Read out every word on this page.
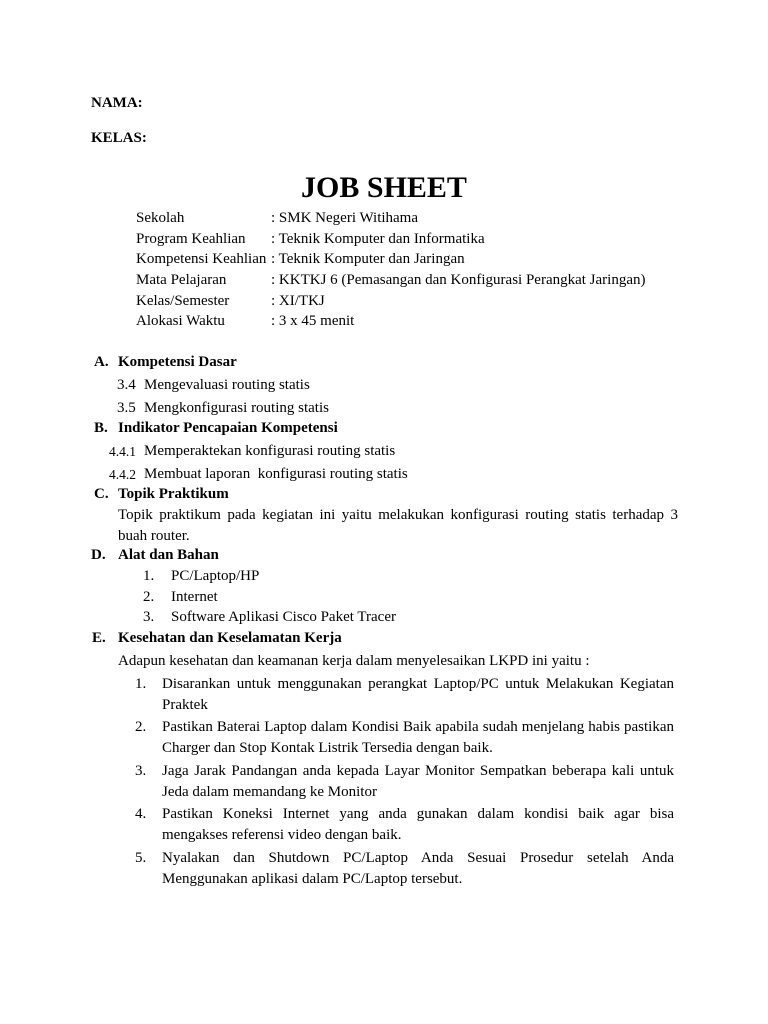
NAMA:
KELAS:
JOB SHEET
Sekolah	: SMK Negeri Witihama
Program Keahlian : Teknik Komputer dan Informatika
Kompetensi Keahlian : Teknik Komputer dan Jaringan
Mata Pelajaran	: KKTKJ 6 (Pemasangan dan Konfigurasi Perangkat Jaringan)
Kelas/Semester	: XI/TKJ
Alokasi Waktu	: 3 x 45 menit
A. Kompetensi Dasar
3.4 Mengevaluasi routing statis
3.5 Mengkonfigurasi routing statis
B. Indikator Pencapaian Kompetensi
4.4.1 Memperaktekan konfigurasi routing statis
4.4.2 Membuat laporan  konfigurasi routing statis
C. Topik Praktikum
Topik praktikum pada kegiatan ini yaitu melakukan konfigurasi routing statis terhadap 3
buah router.
D. Alat dan Bahan
1. PC/Laptop/HP
2. Internet
3. Software Aplikasi Cisco Paket Tracer
E. Kesehatan dan Keselamatan Kerja
Adapun kesehatan dan keamanan kerja dalam menyelesaikan LKPD ini yaitu :
1. Disarankan untuk menggunakan perangkat Laptop/PC untuk Melakukan Kegiatan
Praktek
2. Pastikan Baterai Laptop dalam Kondisi Baik apabila sudah menjelang habis pastikan
Charger dan Stop Kontak Listrik Tersedia dengan baik.
3. Jaga Jarak Pandangan anda kepada Layar Monitor Sempatkan beberapa kali untuk
Jeda dalam memandang ke Monitor
4. Pastikan Koneksi Internet yang anda gunakan dalam kondisi baik agar bisa
mengakses referensi video dengan baik.
5. Nyalakan dan Shutdown PC/Laptop Anda Sesuai Prosedur setelah Anda
Menggunakan aplikasi dalam PC/Laptop tersebut.
